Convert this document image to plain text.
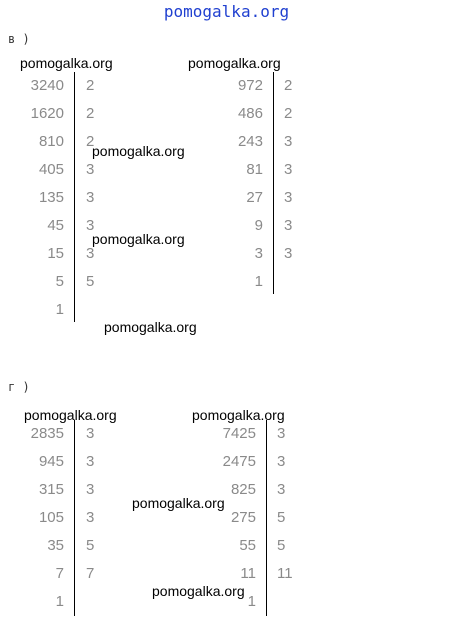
pomogalka.org
в )
г )
pomogalka.org	pomogalka.org
pomogalka.org
pomogalka.org
pomogalka.org
pomogalka.org	pomogalka.org
pomogalka.org
pomogalka.org
3240
1620
810
405
135
45
15
5
1
2
2
2
3
3
3
3
5
972
486
243
81
27
9
3
1
2
2
3
3
3
3
3
2835
945
315
105
35
7
1
3
3
3
3
5
7
7425
2475
825
275
55
11
1
3
3
3
5
5
11
